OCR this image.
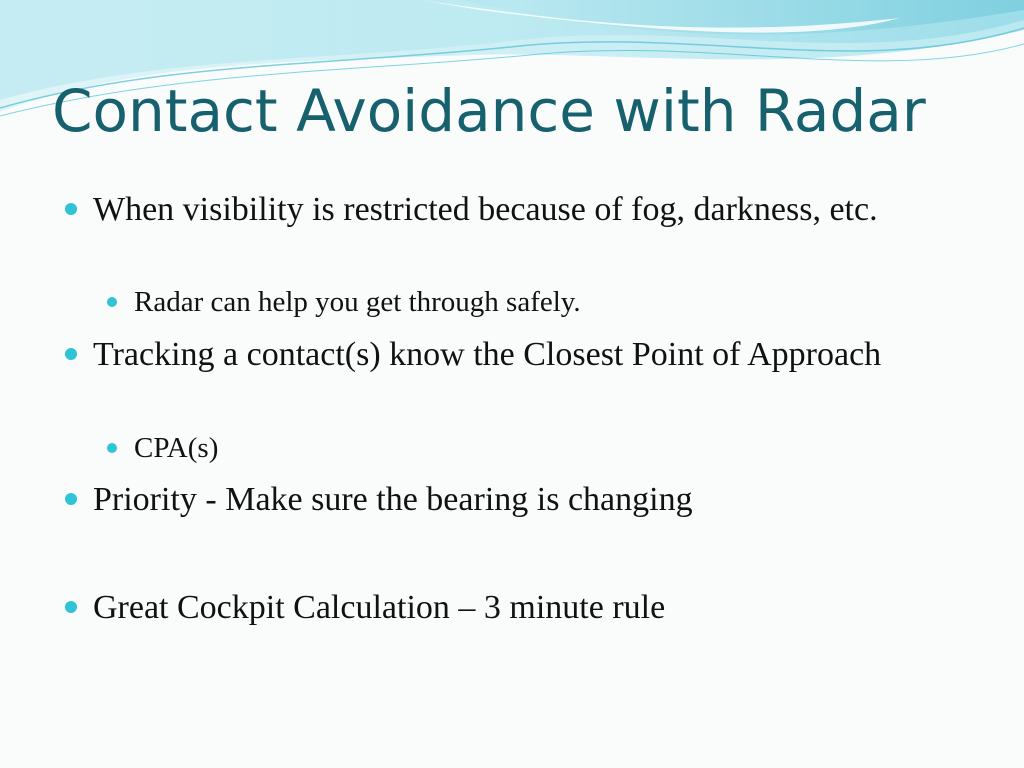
Contact Avoidance with Radar
When visibility is restricted because of fog, darkness, etc.
Radar can help you get through safely.
Tracking a contact(s) know the Closest Point of Approach
CPA(s)
Priority - Make sure the bearing is changing
Great Cockpit Calculation – 3 minute rule
